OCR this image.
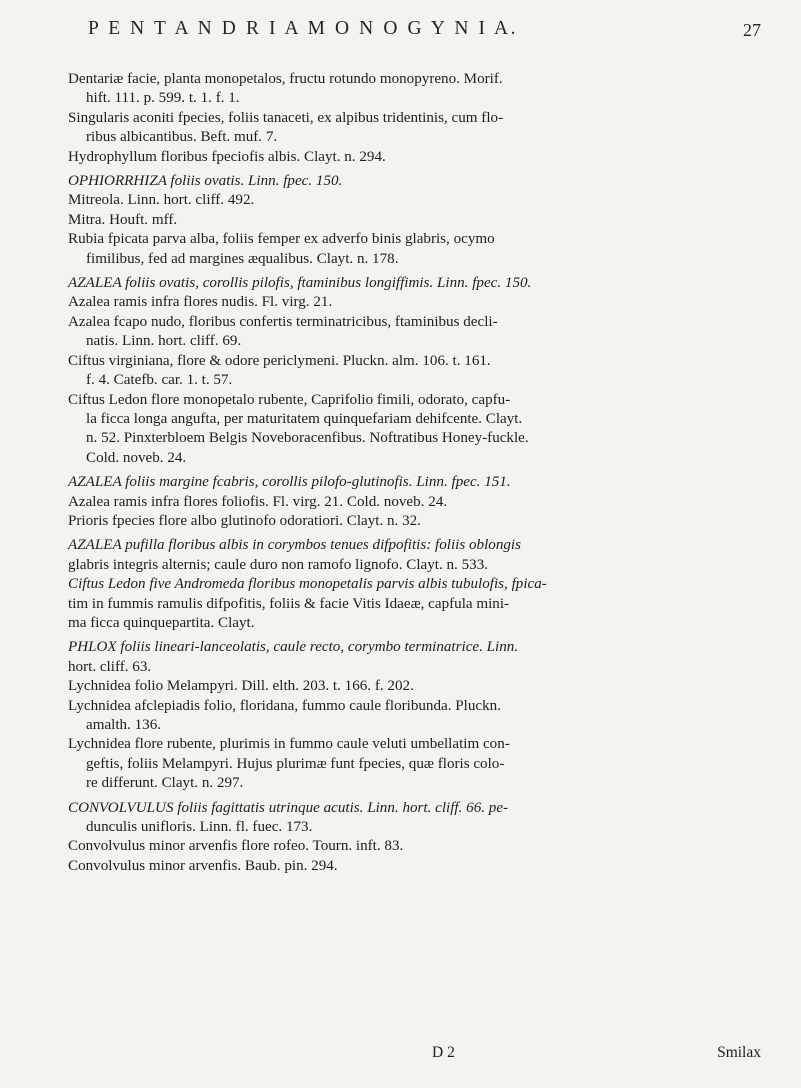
P E N T A N D R I A M O N O G Y N I A.	27
Dentariæ facie, planta monopetalos, fructu rotundo monopyreno. Morif.
hift. 111. p. 599. t. 1. f. 1.
Singularis aconiti fpecies, foliis tanaceti, ex alpibus tridentinis, cum flo-
ribus albicantibus. Beft. muf. 7.
Hydrophyllum floribus fpeciofis albis. Clayt. n. 294.
OPHIORRHIZA foliis ovatis. Linn. fpec. 150.
Mitreola. Linn. hort. cliff. 492.
Mitra. Houft. mff.
Rubia fpicata parva alba, foliis femper ex adverfo binis glabris, ocymo
fimilibus, fed ad margines æqualibus. Clayt. n. 178.
AZALEA foliis ovatis, corollis pilofis, ftaminibus longiffimis. Linn. fpec. 150.
Azalea ramis infra flores nudis. Fl. virg. 21.
Azalea fcapo nudo, floribus confertis terminatricibus, ftaminibus decli-
natis. Linn. hort. cliff. 69.
Ciftus virginiana, flore & odore periclymeni. Pluckn. alm. 106. t. 161.
f. 4. Catefb. car. 1. t. 57.
Ciftus Ledon flore monopetalo rubente, Caprifolio fimili, odorato, capfu-
la ficca longa angufta, per maturitatem quinquefariam dehifcente. Clayt.
n. 52. Pinxterbloem Belgis Noveboracenfibus. Noftratibus Honey-fuckle.
Cold. noveb. 24.
AZALEA foliis margine fcabris, corollis pilofo-glutinofis. Linn. fpec. 151.
Azalea ramis infra flores foliofis. Fl. virg. 21. Cold. noveb. 24.
Prioris fpecies flore albo glutinofo odoratiori. Clayt. n. 32.
AZALEA pufilla floribus albis in corymbos tenues difpofitis: foliis oblongis
glabris integris alternis; caule duro non ramofo lignofo. Clayt. n. 533.
Ciftus Ledon five Andromeda floribus monopetalis parvis albis tubulofis, fpica-
tim in fummis ramulis difpofitis, foliis & facie Vitis Idaeæ, capfula mini-
ma ficca quinquepartita. Clayt.
PHLOX foliis lineari-lanceolatis, caule recto, corymbo terminatrice. Linn.
hort. cliff. 63.
Lychnidea folio Melampyri. Dill. elth. 203. t. 166. f. 202.
Lychnidea afclepiadis folio, floridana, fummo caule floribunda. Pluckn.
amalth. 136.
Lychnidea flore rubente, plurimis in fummo caule veluti umbellatim con-
geftis, foliis Melampyri. Hujus plurimæ funt fpecies, quæ floris colo-
re differunt. Clayt. n. 297.
CONVOLVULUS foliis fagittatis utrinque acutis. Linn. hort. cliff. 66. pe-
dunculis unifloris. Linn. fl. fuec. 173.
Convolvulus minor arvenfis flore rofeo. Tourn. inft. 83.
Convolvulus minor arvenfis. Baub. pin. 294.
D 2	Smilax
